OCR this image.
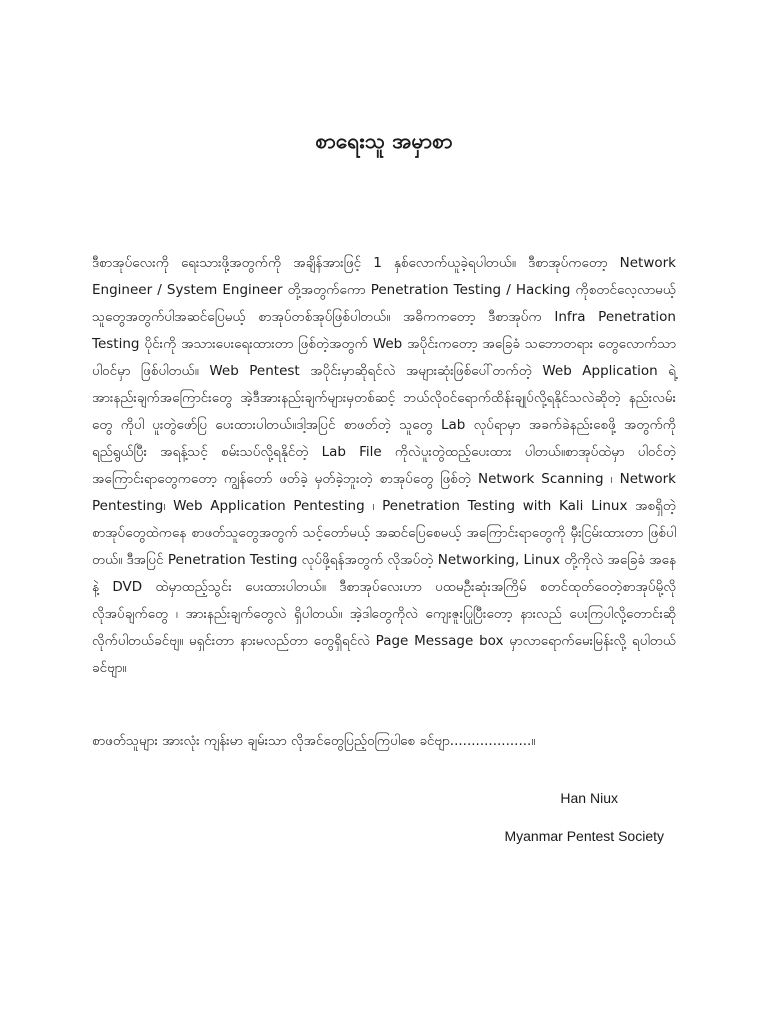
စာရေးသူ အမှာစာ
ဒီစာအုပ်လေးကို ရေးသားဖို့အတွက်ကို အချိန်အားဖြင့် 1 နှစ်လောက်ယူခဲ့ရပါတယ်။ ဒီစာအုပ်ကတော့ Network Engineer / System Engineer တို့အတွက်ကော Penetration Testing / Hacking ကိုစတင်လေ့လာမယ့် သူတွေအတွက်ပါအဆင်ပြေမယ့် စာအုပ်တစ်အုပ်ဖြစ်ပါတယ်။ အဓိကကတော့ ဒီစာအုပ်က Infra Penetration Testing ပိုင်းကို အသားပေးရေးထားတာ ဖြစ်တဲ့အတွက် Web အပိုင်းကတော့ အခြေခံ သဘောတရား တွေလောက်သာ ပါဝင်မှာ ဖြစ်ပါတယ်။ Web Pentest အပိုင်းမှာဆိုရင်လဲ အများဆုံးဖြစ်ပေါ်တက်တဲ့ Web Application ရဲ့အားနည်းချက်အကြောင်းတွေ အဲ့ဒီအားနည်းချက်များမှတစ်ဆင့် ဘယ်လိုဝင်ရောက်ထိန်းချုပ်လို့ရနိုင်သလဲဆိုတဲ့ နည်းလမ်းတွေ ကိုပါ ပူးတွဲဖော်ပြ ပေးထားပါတယ်။ဒါ့အပြင် စာဖတ်တဲ့ သူတွေ Lab လုပ်ရာမှာ အခက်ခဲနည်းစေဖို့ အတွက်ကိုရည်ရွယ်ပြီး အရန့်သင့် စမ်းသပ်လို့ရနိုင်တဲ့ Lab File ကိုလဲပူးတွဲထည့်ပေးထား ပါတယ်။စာအုပ်ထဲမှာ ပါဝင်တဲ့အကြောင်းရာတွေကတော့ ကျွန်တော် ဖတ်ခဲ့ မှတ်ခဲ့ဘူးတဲ့ စာအုပ်တွေ ဖြစ်တဲ့ Network Scanning ၊ Network Pentesting၊ Web Application Pentesting ၊ Penetration Testing with Kali Linux အစရှိတဲ့ စာအုပ်တွေထဲကနေ စာဖတ်သူတွေအတွက် သင့်တော်မယ့် အဆင်ပြေစေမယ့် အကြောင်းရာတွေကို မှီးငြမ်းထားတာ ဖြစ်ပါတယ်။ ဒီအပြင် Penetration Testing လုပ်ဖို့ရန်အတွက် လိုအပ်တဲ့ Networking, Linux တို့ကိုလဲ အခြေခံ အနေနဲ့ DVD ထဲမှာထည့်သွင်း ပေးထားပါတယ်။ ဒီစာအုပ်လေးဟာ ပထမဦးဆုံးအကြိမ် စတင်ထုတ်ဝေတဲ့စာအုပ်မို့လို လိုအပ်ချက်တွေ ၊ အားနည်းချက်တွေလဲ ရှိပါတယ်။ အဲ့ဒါတွေကိုလဲ ကျေးဇူးပြုပြီးတော့ နားလည် ပေးကြပါလို့တောင်းဆိုလိုက်ပါတယ်ခင်ဗျ။ မရှင်းတာ နားမလည်တာ တွေရှိရင်လဲ Page Message box မှာလာရောက်မေးမြန်းလို့ ရပါတယ် ခင်ဗျာ။
စာဖတ်သူများ အားလုံး ကျန်းမာ ချမ်းသာ လိုအင်တွေပြည့်ဝကြပါစေ ခင်ဗျာ...................။
Han Niux
Myanmar Pentest Society
